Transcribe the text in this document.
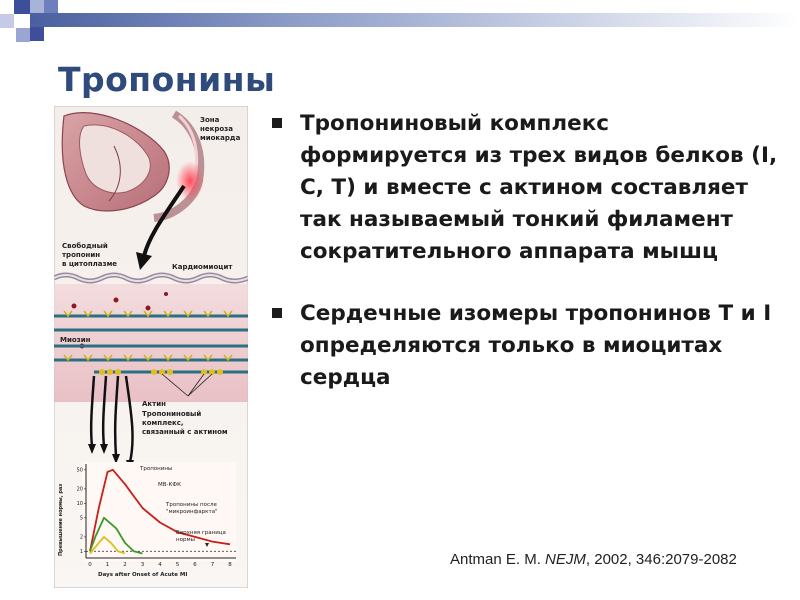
Тропонины
Зона некроза миокарда
Свободный тропонин в цитоплазме	Кардиомиоцит
Миозин
Актин Тропониновый комплекс, связанный с актином
1
2
5
10
20
50
0	1	2	3	4	5	6	7	8
Превышение нормы, раз
Days after Onset of Acute MI
Тропонины
MB-КФК
Тропонины после
"микроинфаркта"
Верхняя граница
нормы
Тропониновый комплекс формируется из трех видов белков (I, C, T) и вместе с актином составляет так называемый тонкий филамент сократительного аппарата мышц
Сердечные изомеры тропонинов T и I определяются только в миоцитах сердца
Antman E. M. NEJM, 2002, 346:2079-2082
